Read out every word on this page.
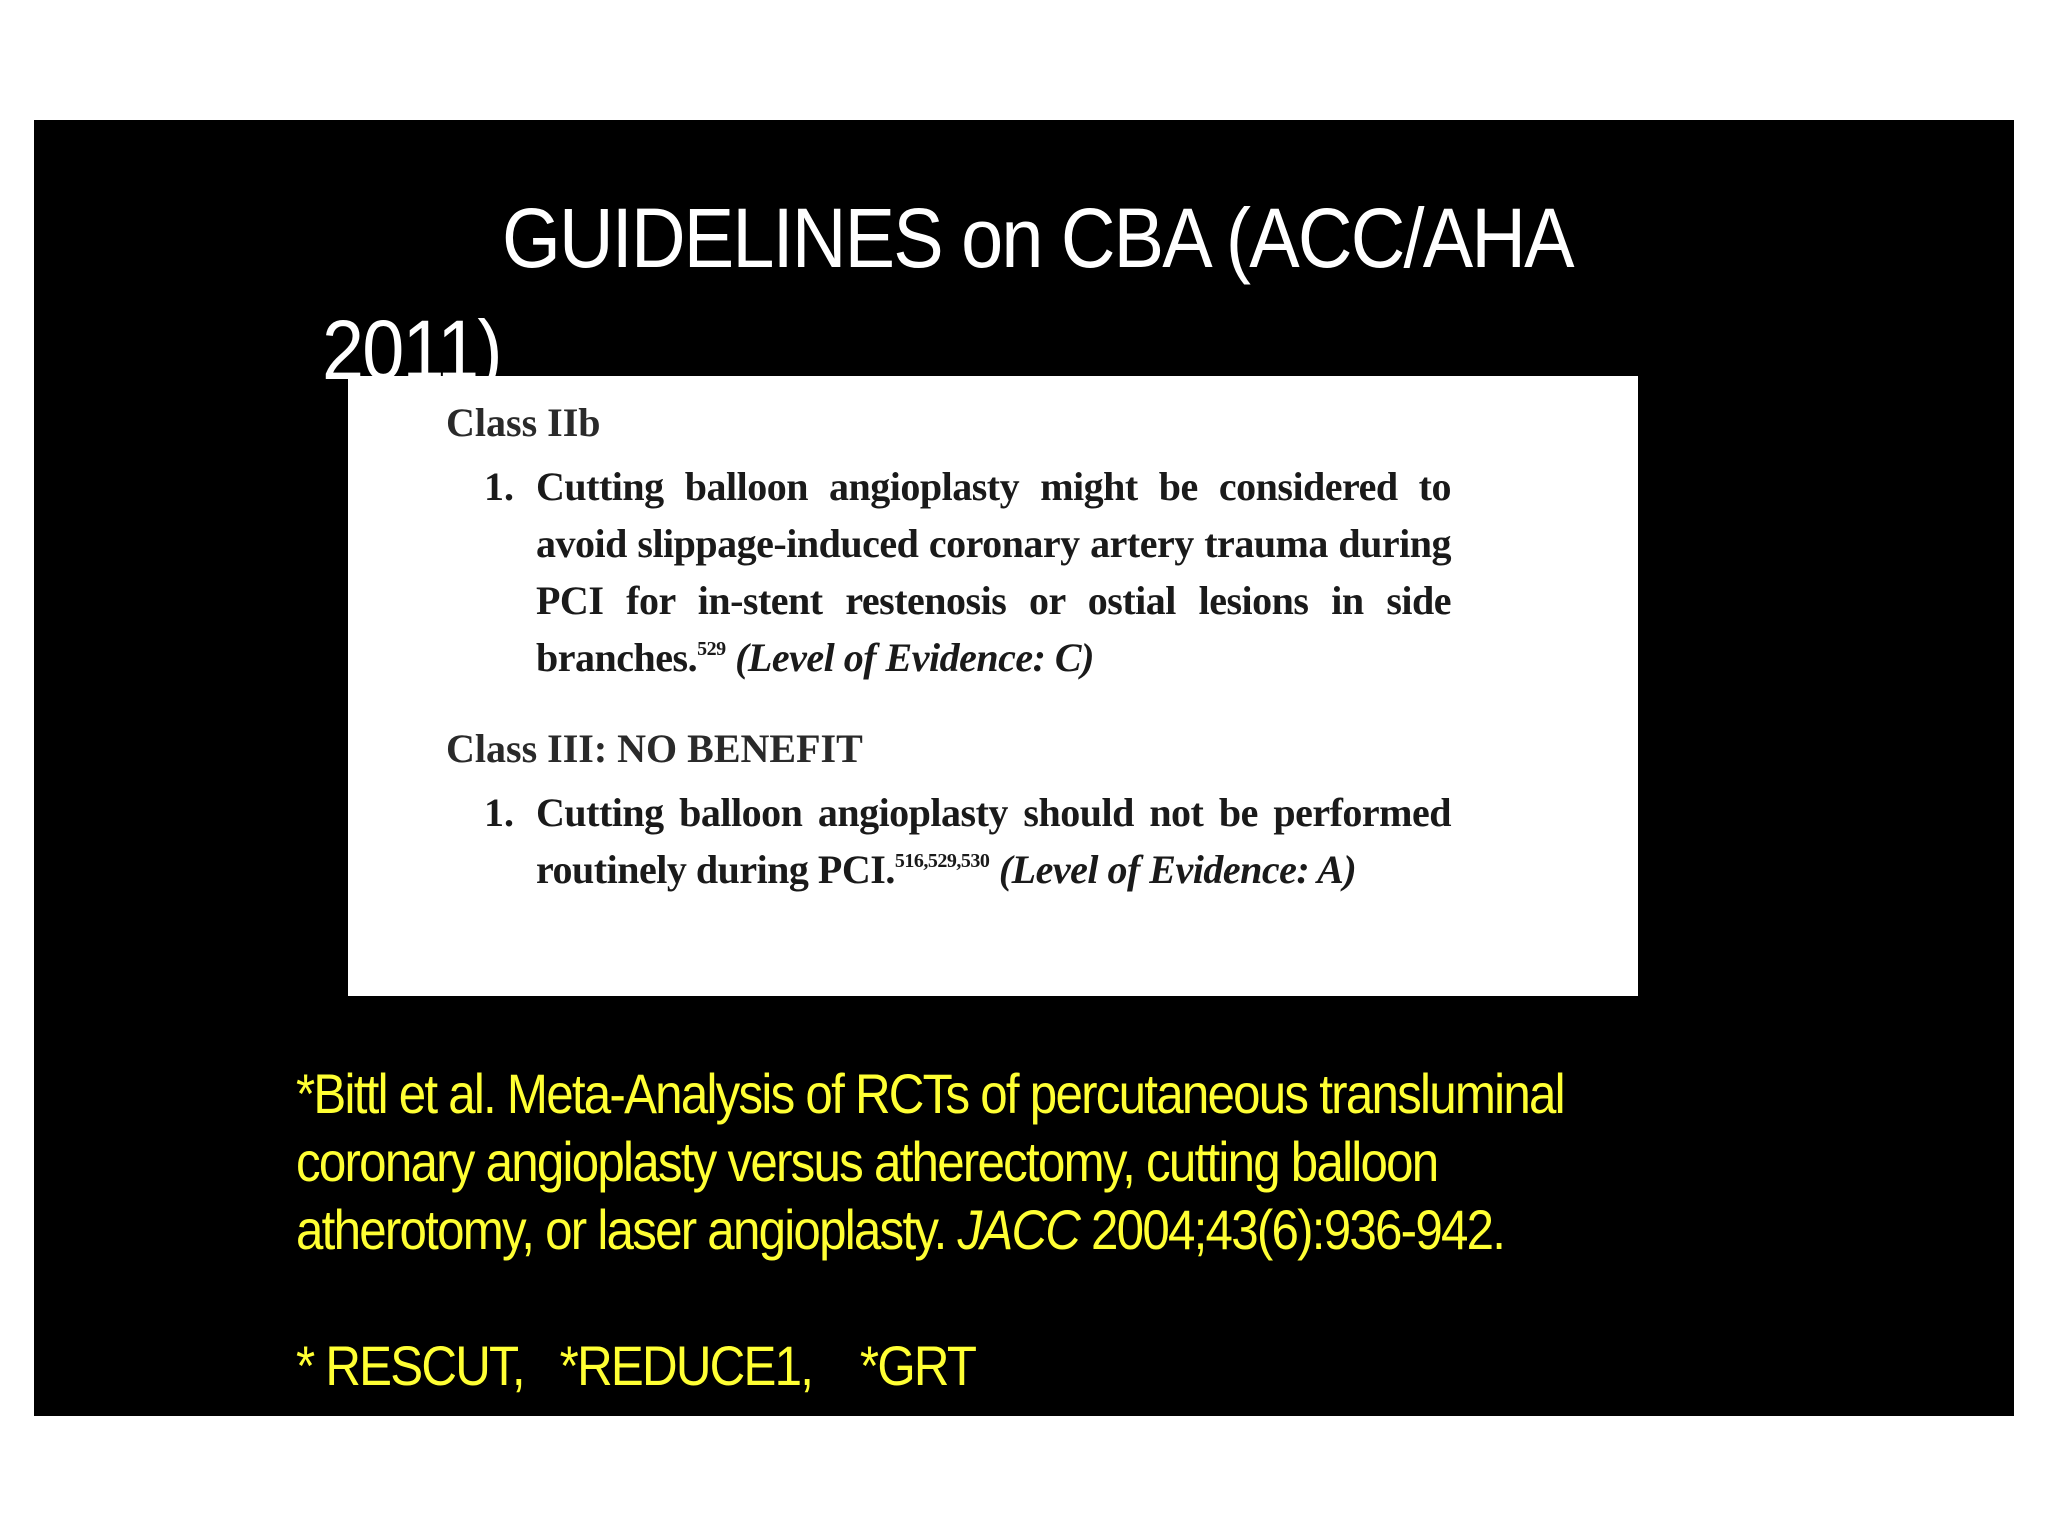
GUIDELINES on CBA (ACC/AHA
2011)

Class IIb

1. Cutting balloon angioplasty might be considered to avoid slippage-induced coronary artery trauma during PCI for in-stent restenosis or ostial lesions in side branches.$^{529}$ (Level of Evidence: C)

Class III: NO BENEFIT

1. Cutting balloon angioplasty should not be performed routinely during PCI.$^{516,529,530}$ (Level of Evidence: A)
*Bittl et al. Meta-Analysis of RCTs of percutaneous transluminal coronary angioplasty versus atherectomy, cutting balloon atherotomy, or laser angioplasty. JACC 2004;43(6):936-942.
* RESCUT,   *REDUCE1,    *GRT
